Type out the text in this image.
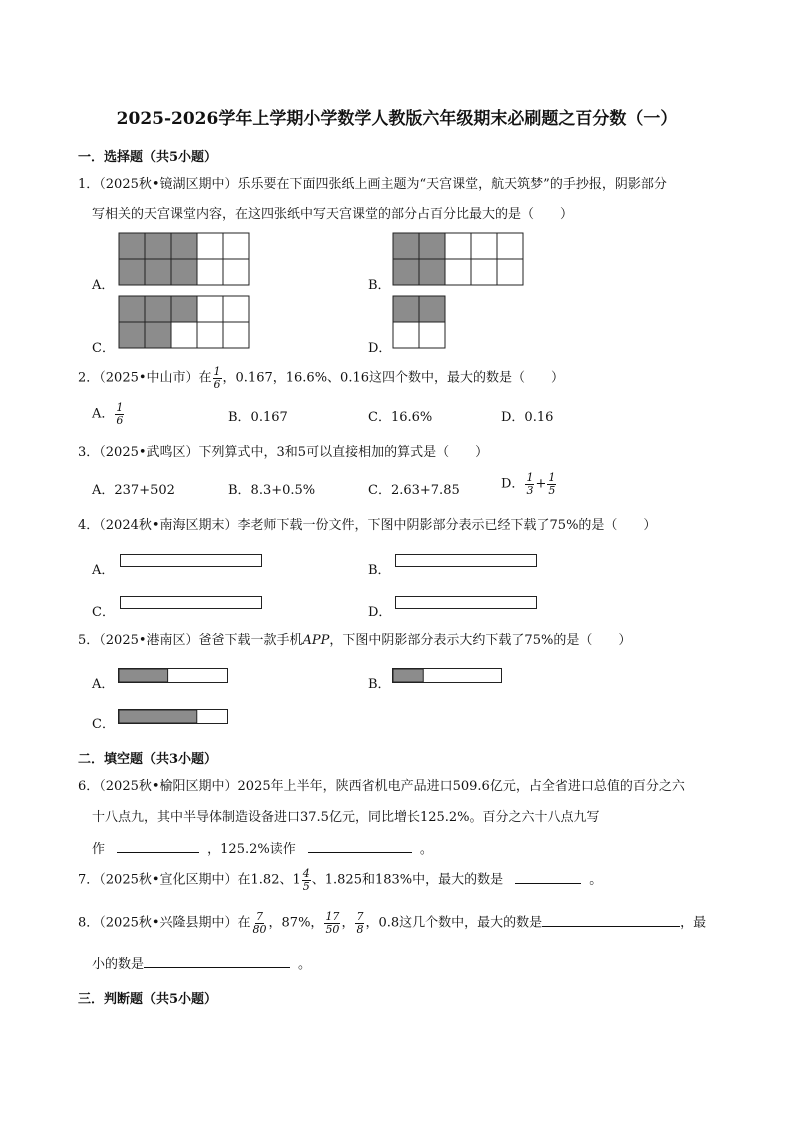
2025-2026学年上学期小学数学人教版六年级期末必刷题之百分数（一）
一．选择题（共5小题）
1．（2025秋•镜湖区期中）乐乐要在下面四张纸上画主题为“天宫课堂，航天筑梦”的手抄报，阴影部分
写相关的天宫课堂内容，在这四张纸中写天宫课堂的部分占百分比最大的是（　　）
A．	B．
C．	D．
2．（2025•中山市）在 $\frac{1}{6}$ ，0.167，16.6%、0.16这四个数中，最大的数是（　　）
A． $\frac{1}{6}$	B．0.167	C．16.6%	D．0.16
3．（2025•武鸣区）下列算式中，3和5可以直接相加的算式是（　　）
A．237+502	B．8.3+0.5%	C．2.63+7.85	D． $\frac{1}{3} + \frac{1}{5}$
4．（2024秋•南海区期末）李老师下载一份文件，下图中阴影部分表示已经下载了75%的是（　　）
A．	B．
C．	D．
5．（2025•港南区）爸爸下载一款手机APP，下图中阴影部分表示大约下载了75%的是（　　）
A．	B．
C．
二．填空题（共3小题）
6．（2025秋•榆阳区期中）2025年上半年，陕西省机电产品进口509.6亿元，占全省进口总值的百分之六
十八点九，其中半导体制造设备进口37.5亿元，同比增长125.2%。百分之六十八点九写
作	，125.2%读作	。
7．（2025秋•宣化区期中）在1.82、$1 \frac{4}{5}$ 、1.825和183%中，最大的数是	。
8．（2025秋•兴隆县期中）在 $\frac{7}{80}$ ，87%， $\frac{17}{50}$ ， $\frac{7}{8}$ ，0.8这几个数中，最大的数是	，最
小的数是	。
三．判断题（共5小题）
